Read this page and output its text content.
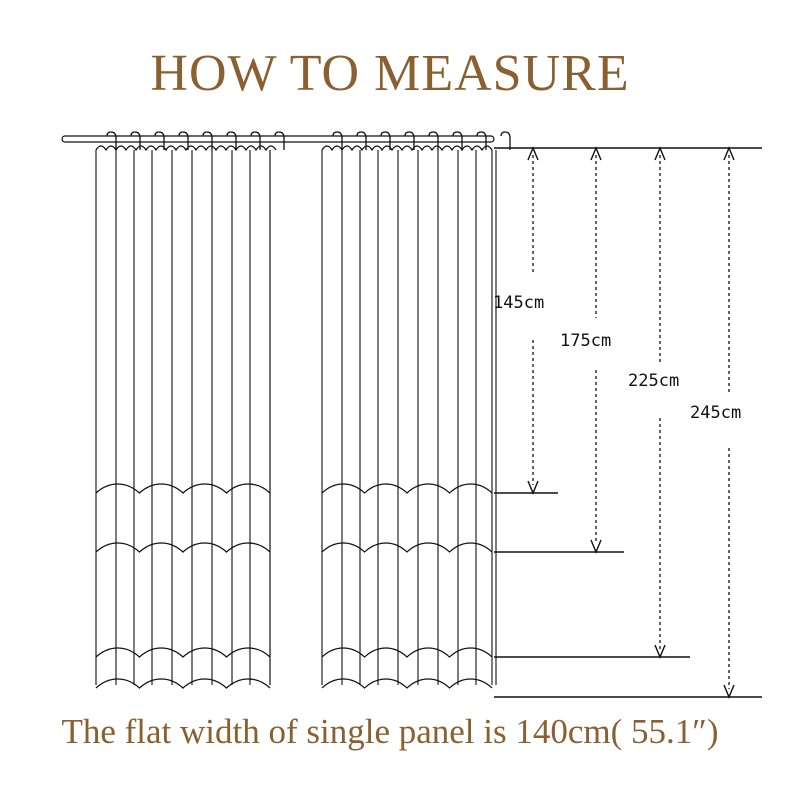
HOW TO MEASURE
145cm
175cm
225cm
245cm
The flat width of single panel is 140cm( 55.1″)
